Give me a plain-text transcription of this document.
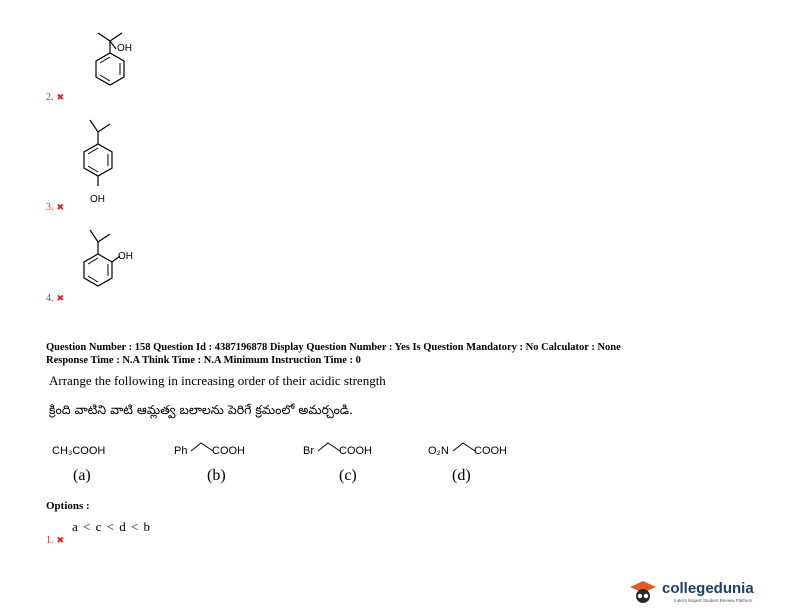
OH
2. ✖
OH
3. ✖
OH
4. ✖
Question Number : 158 Question Id : 4387196878 Display Question Number : Yes Is Question Mandatory : No Calculator : None
Response Time : N.A Think Time : N.A Minimum Instruction Time : 0
Arrange the following in increasing order of their acidic strength
క్రింది వాటిని వాటి ఆమ్లత్వ బలాలను పెరిగే క్రమంలో అమర్చండి.
CH₃COOH
(a)
Ph COOH
(b)
Br COOH
(c)
O₂N COOH
(d)
Options :
a < c < d < b
1. ✖
collegedunia
India's largest Student Review Platform
